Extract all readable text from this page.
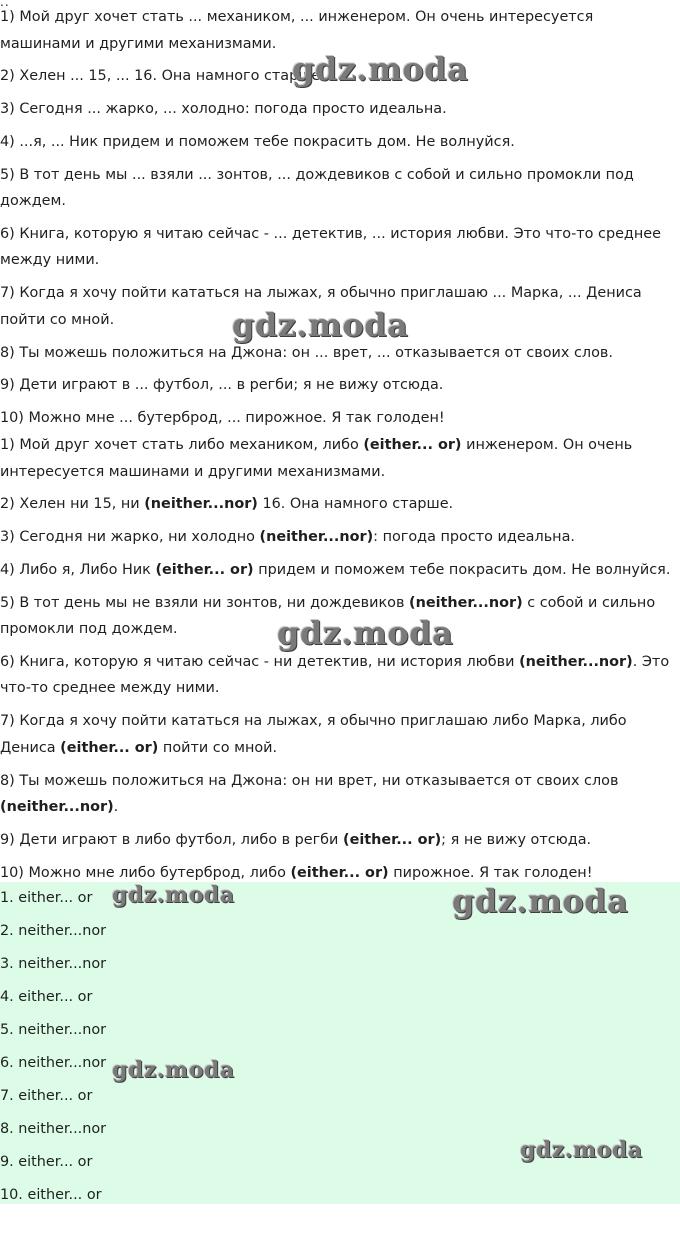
..

1) Мой друг хочет стать ... механиком, ... инженером. Он очень интересуется машинами и другими механизмами.

2) Хелен ... 15, ... 16. Она намного старше.

3) Сегодня ... жарко, ... холодно: погода просто идеальна.

4) ...я, ... Ник придем и поможем тебе покрасить дом. Не волнуйся.

5) В тот день мы ... взяли ... зонтов, ... дождевиков с собой и сильно промокли под дождем.

6) Книга, которую я читаю сейчас - ... детектив, ... история любви. Это что-то среднее между ними.

7) Когда я хочу пойти кататься на лыжах, я обычно приглашаю ... Марка, ... Дениса пойти со мной.

8) Ты можешь положиться на Джона: он ... врет, ... отказывается от своих слов.

9) Дети играют в ... футбол, ... в регби; я не вижу отсюда.

10) Можно мне ... бутерброд, ... пирожное. Я так голоден!

1) Мой друг хочет стать либо механиком, либо (either... or) инженером. Он очень интересуется машинами и другими механизмами.

2) Хелен ни 15, ни (neither...nor) 16. Она намного старше.

3) Сегодня ни жарко, ни холодно (neither...nor): погода просто идеальна.

4) Либо я, Либо Ник (either... or) придем и поможем тебе покрасить дом. Не волнуйся.

5) В тот день мы не взяли ни зонтов, ни дождевиков (neither...nor) с собой и сильно промокли под дождем.

6) Книга, которую я читаю сейчас - ни детектив, ни история любви (neither...nor). Это что-то среднее между ними.

7) Когда я хочу пойти кататься на лыжах, я обычно приглашаю либо Марка, либо Дениса (either... or) пойти со мной.

8) Ты можешь положиться на Джона: он ни врет, ни отказывается от своих слов (neither...nor).

9) Дети играют в либо футбол, либо в регби (either... or); я не вижу отсюда.

10) Можно мне либо бутерброд, либо (either... or) пирожное. Я так голоден!

1. either... or
2. neither...nor
3. neither...nor
4. either... or
5. neither...nor
6. neither...nor
7. either... or
8. neither...nor
9. either... or
10. either... or
gdz.moda
gdz.moda
gdz.moda
gdz.moda	gdz.moda
gdz.moda
gdz.moda
